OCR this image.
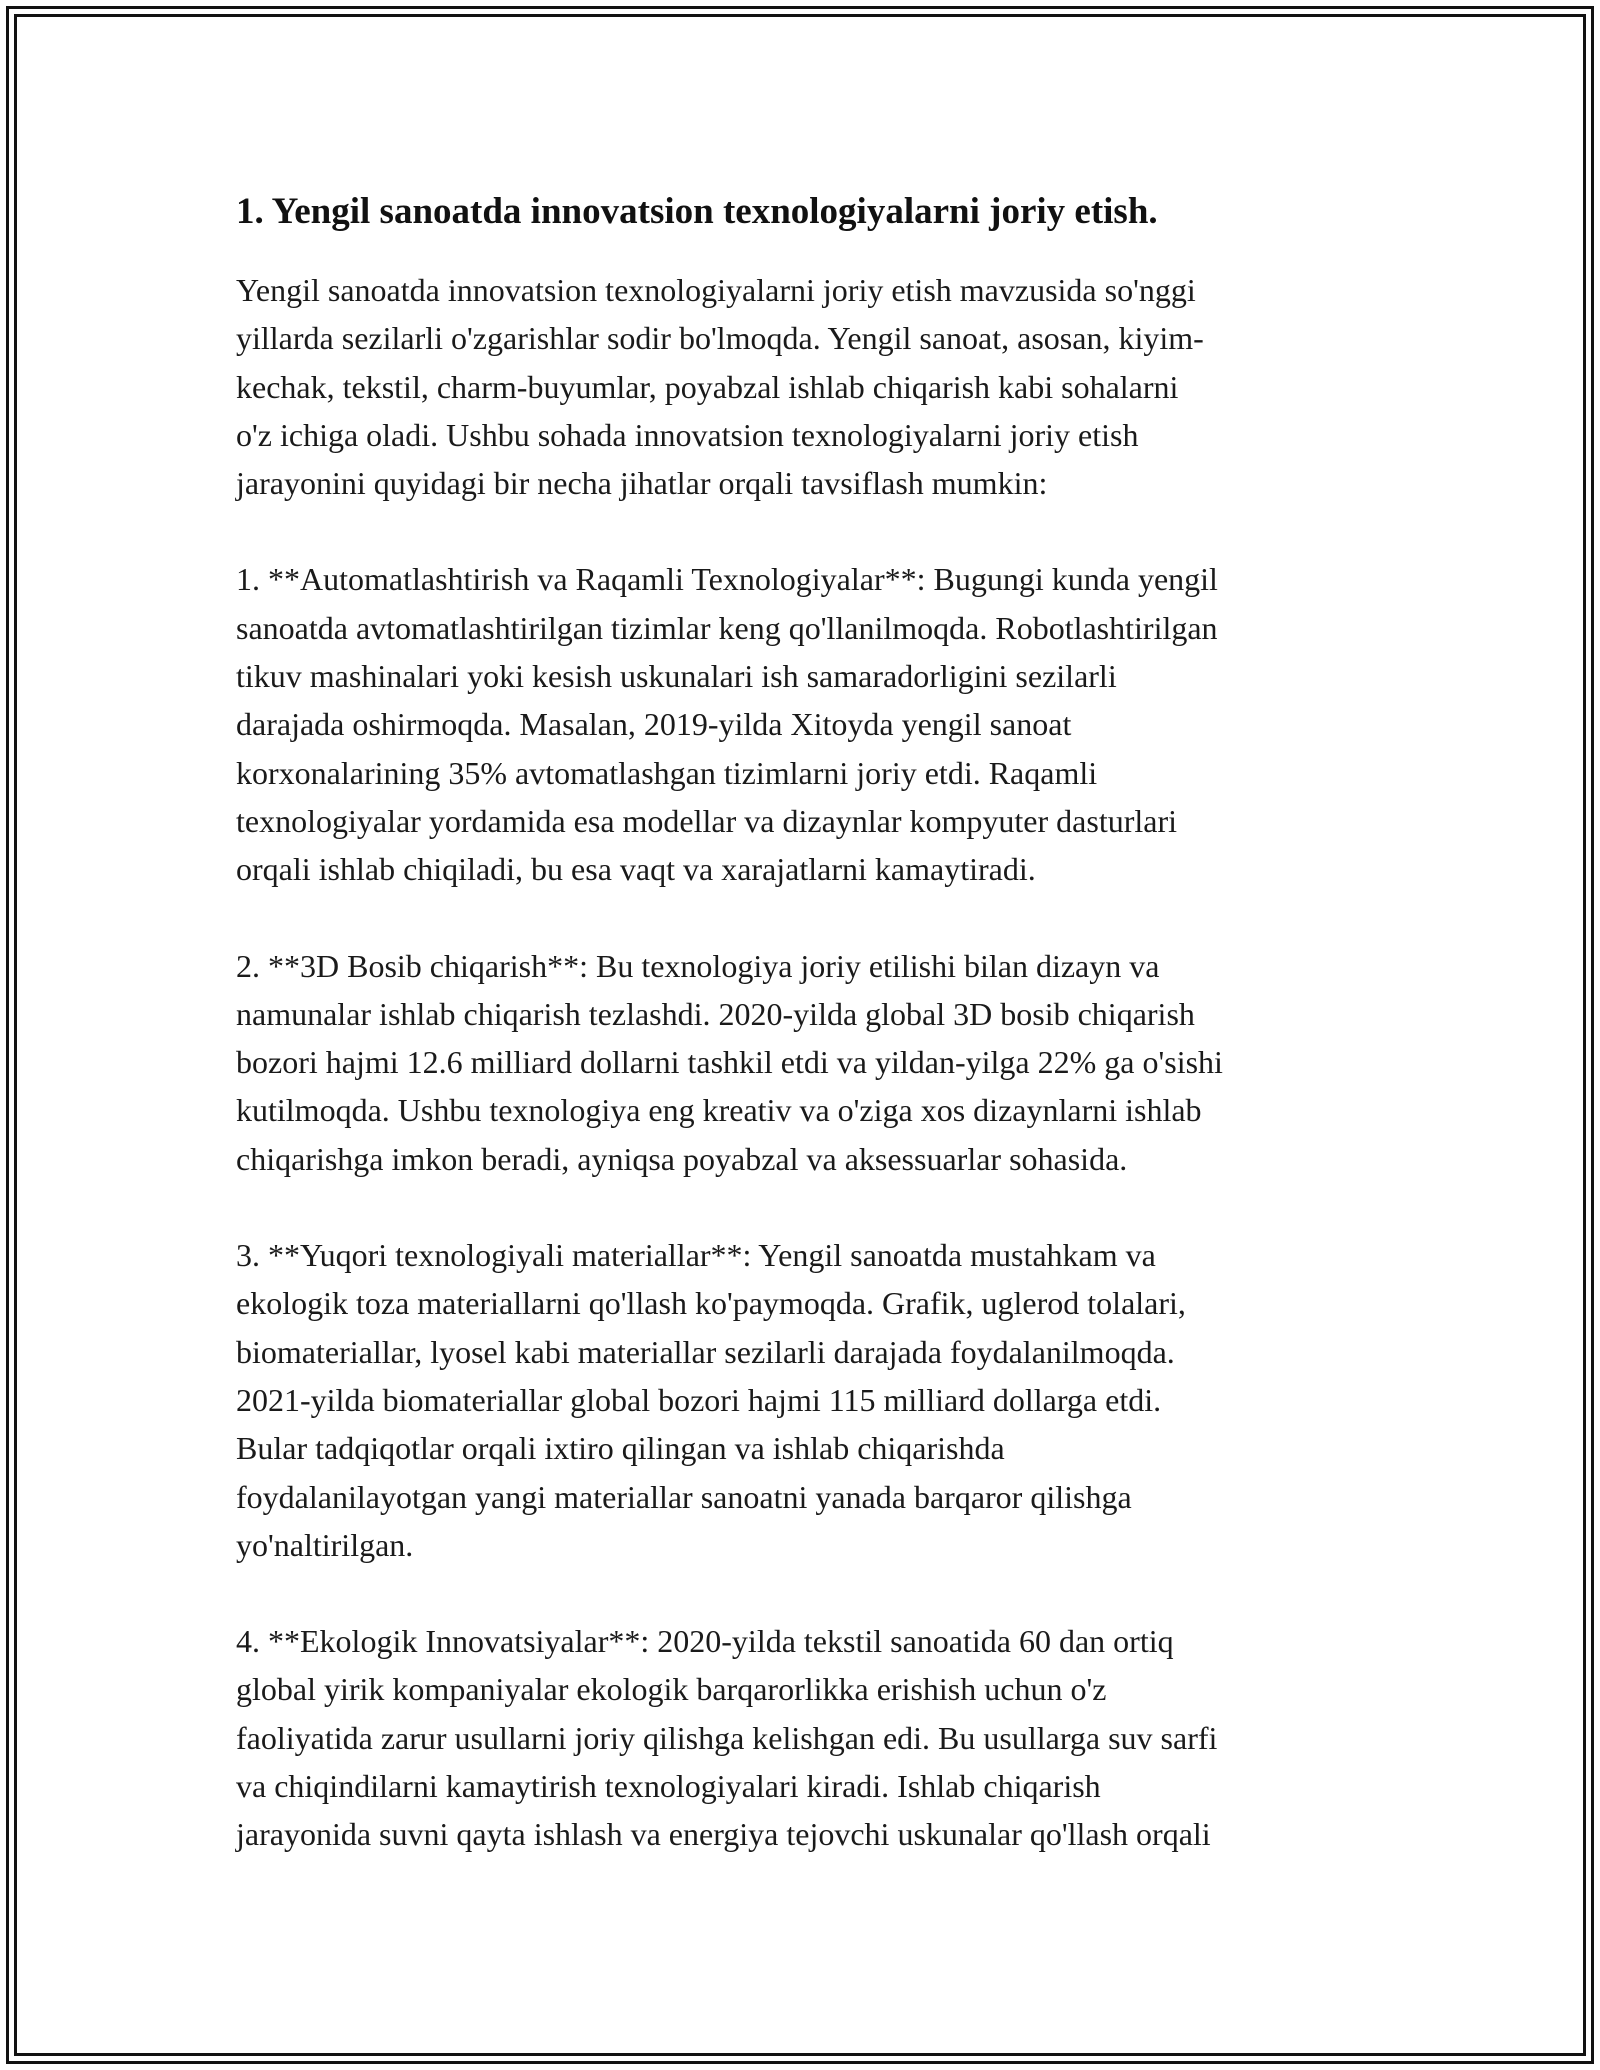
1. Yengil sanoatda innovatsion texnologiyalarni joriy etish.

Yengil sanoatda innovatsion texnologiyalarni joriy etish mavzusida so'nggi
yillarda sezilarli o'zgarishlar sodir bo'lmoqda. Yengil sanoat, asosan, kiyim-
kechak, tekstil, charm-buyumlar, poyabzal ishlab chiqarish kabi sohalarni
o'z ichiga oladi. Ushbu sohada innovatsion texnologiyalarni joriy etish
jarayonini quyidagi bir necha jihatlar orqali tavsiflash mumkin:

1. **Automatlashtirish va Raqamli Texnologiyalar**: Bugungi kunda yengil
sanoatda avtomatlashtirilgan tizimlar keng qo'llanilmoqda. Robotlashtirilgan
tikuv mashinalari yoki kesish uskunalari ish samaradorligini sezilarli
darajada oshirmoqda. Masalan, 2019-yilda Xitoyda yengil sanoat
korxonalarining 35% avtomatlashgan tizimlarni joriy etdi. Raqamli
texnologiyalar yordamida esa modellar va dizaynlar kompyuter dasturlari
orqali ishlab chiqiladi, bu esa vaqt va xarajatlarni kamaytiradi.

2. **3D Bosib chiqarish**: Bu texnologiya joriy etilishi bilan dizayn va
namunalar ishlab chiqarish tezlashdi. 2020-yilda global 3D bosib chiqarish
bozori hajmi 12.6 milliard dollarni tashkil etdi va yildan-yilga 22% ga o'sishi
kutilmoqda. Ushbu texnologiya eng kreativ va o'ziga xos dizaynlarni ishlab
chiqarishga imkon beradi, ayniqsa poyabzal va aksessuarlar sohasida.

3. **Yuqori texnologiyali materiallar**: Yengil sanoatda mustahkam va
ekologik toza materiallarni qo'llash ko'paymoqda. Grafik, uglerod tolalari,
biomateriallar, lyosel kabi materiallar sezilarli darajada foydalanilmoqda.
2021-yilda biomateriallar global bozori hajmi 115 milliard dollarga etdi.
Bular tadqiqotlar orqali ixtiro qilingan va ishlab chiqarishda
foydalanilayotgan yangi materiallar sanoatni yanada barqaror qilishga
yo'naltirilgan.

4. **Ekologik Innovatsiyalar**: 2020-yilda tekstil sanoatida 60 dan ortiq
global yirik kompaniyalar ekologik barqarorlikka erishish uchun o'z
faoliyatida zarur usullarni joriy qilishga kelishgan edi. Bu usullarga suv sarfi
va chiqindilarni kamaytirish texnologiyalari kiradi. Ishlab chiqarish
jarayonida suvni qayta ishlash va energiya tejovchi uskunalar qo'llash orqali
